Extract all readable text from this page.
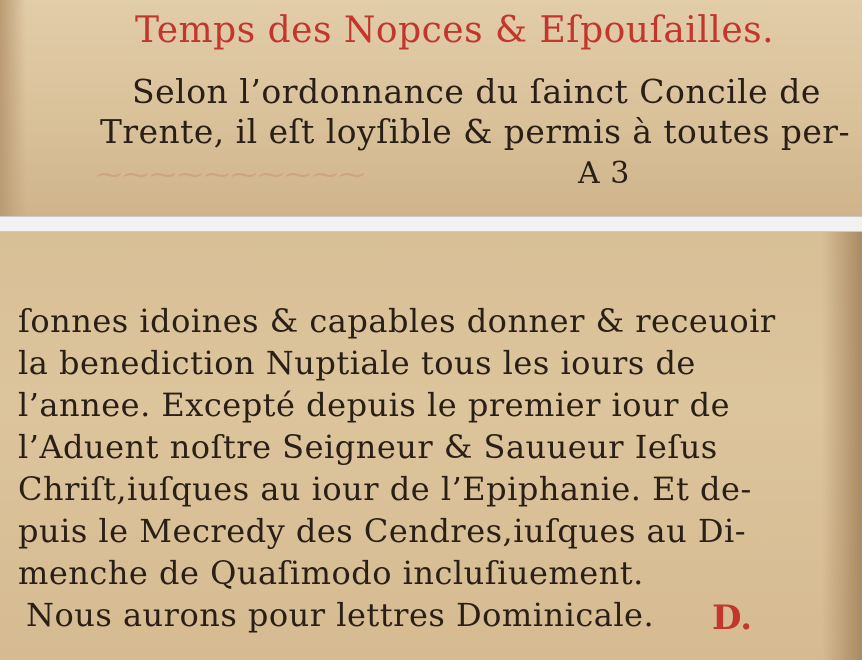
⁓⁓⁓⁓⁓⁓⁓⁓⁓⁓
Temps des Nopces & Eſpouſailles.
Selon l’ordonnance du ſainct Concile de
Trente, il eſt loyſible & permis à toutes per-
A 3
ſonnes idoines & capables donner & receuoir
la benediction Nuptiale tous les iours de
l’annee. Excepté depuis le premier iour de
l’Aduent noſtre Seigneur & Sauueur Ieſus
Chriſt,iuſques au iour de l’Epiphanie. Et de-
puis le Mecredy des Cendres,iuſques au Di-
menche de Quaſimodo incluſiuement.
Nous aurons pour lettres Dominicale. D.
